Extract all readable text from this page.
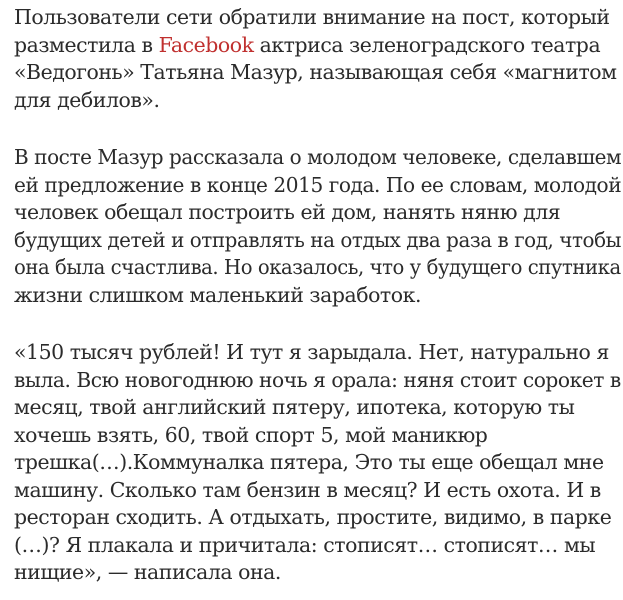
Пользователи сети обратили внимание на пост, который
разместила в Facebook актриса зеленоградского театра
«Ведогонь» Татьяна Мазур, называющая себя «магнитом
для дебилов».

В посте Мазур рассказала о молодом человеке, сделавшем
ей предложение в конце 2015 года. По ее словам, молодой
человек обещал построить ей дом, нанять няню для
будущих детей и отправлять на отдых два раза в год, чтобы
она была счастлива. Но оказалось, что у будущего спутника
жизни слишком маленький заработок.

«150 тысяч рублей! И тут я зарыдала. Нет, натурально я
выла. Всю новогоднюю ночь я орала: няня стоит сорокет в
месяц, твой английский пятеру, ипотека, которую ты
хочешь взять, 60, твой спорт 5, мой маникюр
трешка(…).Коммуналка пятера, Это ты еще обещал мне
машину. Сколько там бензин в месяц? И есть охота. И в
ресторан сходить. А отдыхать, простите, видимо, в парке
(…)? Я плакала и причитала: стописят… стописят… мы
нищие», — написала она.
